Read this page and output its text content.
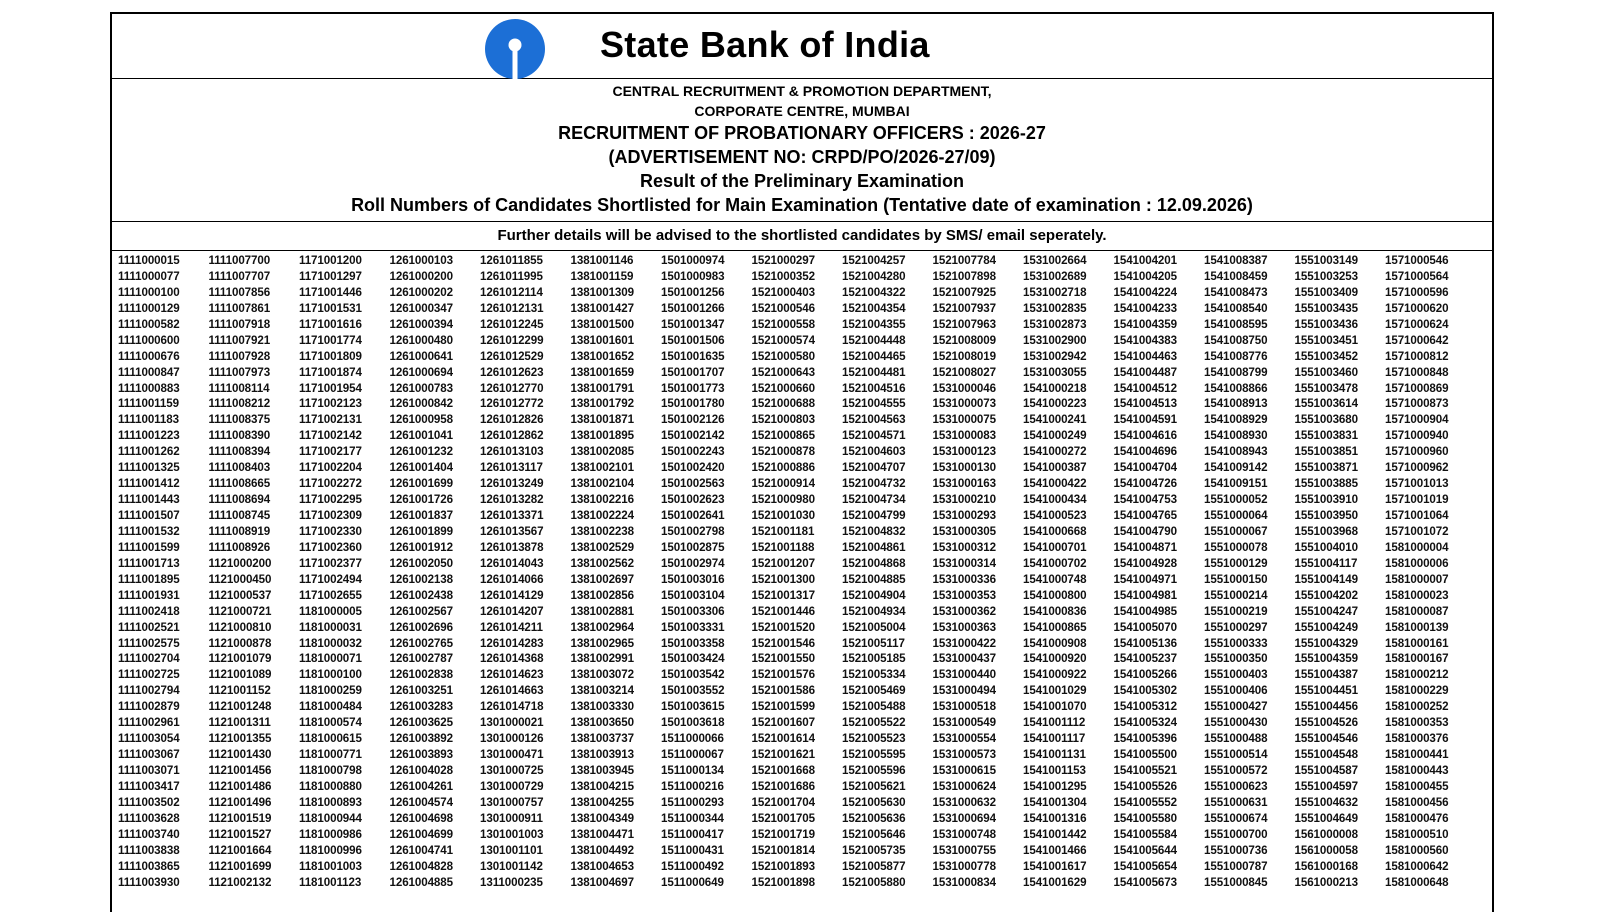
State Bank of India
CENTRAL RECRUITMENT & PROMOTION DEPARTMENT,
CORPORATE CENTRE, MUMBAI
RECRUITMENT OF PROBATIONARY OFFICERS : 2026-27
(ADVERTISEMENT NO: CRPD/PO/2026-27/09)
Result of the Preliminary Examination
Roll Numbers of Candidates Shortlisted for Main Examination (Tentative date of examination : 12.09.2026)
Further details will be advised to the shortlisted candidates by SMS/ email seperately.
1111000015	1111007700	1171001200	1261000103	1261011855	1381001146	1501000974	1521000297	1521004257	1521007784	1531002664	1541004201	1541008387	1551003149	1571000546
1111000077	1111007707	1171001297	1261000200	1261011995	1381001159	1501000983	1521000352	1521004280	1521007898	1531002689	1541004205	1541008459	1551003253	1571000564
1111000100	1111007856	1171001446	1261000202	1261012114	1381001309	1501001256	1521000403	1521004322	1521007925	1531002718	1541004224	1541008473	1551003409	1571000596
1111000129	1111007861	1171001531	1261000347	1261012131	1381001427	1501001266	1521000546	1521004354	1521007937	1531002835	1541004233	1541008540	1551003435	1571000620
1111000582	1111007918	1171001616	1261000394	1261012245	1381001500	1501001347	1521000558	1521004355	1521007963	1531002873	1541004359	1541008595	1551003436	1571000624
1111000600	1111007921	1171001774	1261000480	1261012299	1381001601	1501001506	1521000574	1521004448	1521008009	1531002900	1541004383	1541008750	1551003451	1571000642
1111000676	1111007928	1171001809	1261000641	1261012529	1381001652	1501001635	1521000580	1521004465	1521008019	1531002942	1541004463	1541008776	1551003452	1571000812
1111000847	1111007973	1171001874	1261000694	1261012623	1381001659	1501001707	1521000643	1521004481	1521008027	1531003055	1541004487	1541008799	1551003460	1571000848
1111000883	1111008114	1171001954	1261000783	1261012770	1381001791	1501001773	1521000660	1521004516	1531000046	1541000218	1541004512	1541008866	1551003478	1571000869
1111001159	1111008212	1171002123	1261000842	1261012772	1381001792	1501001780	1521000688	1521004555	1531000073	1541000223	1541004513	1541008913	1551003614	1571000873
1111001183	1111008375	1171002131	1261000958	1261012826	1381001871	1501002126	1521000803	1521004563	1531000075	1541000241	1541004591	1541008929	1551003680	1571000904
1111001223	1111008390	1171002142	1261001041	1261012862	1381001895	1501002142	1521000865	1521004571	1531000083	1541000249	1541004616	1541008930	1551003831	1571000940
1111001262	1111008394	1171002177	1261001232	1261013103	1381002085	1501002243	1521000878	1521004603	1531000123	1541000272	1541004696	1541008943	1551003851	1571000960
1111001325	1111008403	1171002204	1261001404	1261013117	1381002101	1501002420	1521000886	1521004707	1531000130	1541000387	1541004704	1541009142	1551003871	1571000962
1111001412	1111008665	1171002272	1261001699	1261013249	1381002104	1501002563	1521000914	1521004732	1531000163	1541000422	1541004726	1541009151	1551003885	1571001013
1111001443	1111008694	1171002295	1261001726	1261013282	1381002216	1501002623	1521000980	1521004734	1531000210	1541000434	1541004753	1551000052	1551003910	1571001019
1111001507	1111008745	1171002309	1261001837	1261013371	1381002224	1501002641	1521001030	1521004799	1531000293	1541000523	1541004765	1551000064	1551003950	1571001064
1111001532	1111008919	1171002330	1261001899	1261013567	1381002238	1501002798	1521001181	1521004832	1531000305	1541000668	1541004790	1551000067	1551003968	1571001072
1111001599	1111008926	1171002360	1261001912	1261013878	1381002529	1501002875	1521001188	1521004861	1531000312	1541000701	1541004871	1551000078	1551004010	1581000004
1111001713	1121000200	1171002377	1261002050	1261014043	1381002562	1501002974	1521001207	1521004868	1531000314	1541000702	1541004928	1551000129	1551004117	1581000006
1111001895	1121000450	1171002494	1261002138	1261014066	1381002697	1501003016	1521001300	1521004885	1531000336	1541000748	1541004971	1551000150	1551004149	1581000007
1111001931	1121000537	1171002655	1261002438	1261014129	1381002856	1501003104	1521001317	1521004904	1531000353	1541000800	1541004981	1551000214	1551004202	1581000023
1111002418	1121000721	1181000005	1261002567	1261014207	1381002881	1501003306	1521001446	1521004934	1531000362	1541000836	1541004985	1551000219	1551004247	1581000087
1111002521	1121000810	1181000031	1261002696	1261014211	1381002964	1501003331	1521001520	1521005004	1531000363	1541000865	1541005070	1551000297	1551004249	1581000139
1111002575	1121000878	1181000032	1261002765	1261014283	1381002965	1501003358	1521001546	1521005117	1531000422	1541000908	1541005136	1551000333	1551004329	1581000161
1111002704	1121001079	1181000071	1261002787	1261014368	1381002991	1501003424	1521001550	1521005185	1531000437	1541000920	1541005237	1551000350	1551004359	1581000167
1111002725	1121001089	1181000100	1261002838	1261014623	1381003072	1501003542	1521001576	1521005334	1531000440	1541000922	1541005266	1551000403	1551004387	1581000212
1111002794	1121001152	1181000259	1261003251	1261014663	1381003214	1501003552	1521001586	1521005469	1531000494	1541001029	1541005302	1551000406	1551004451	1581000229
1111002879	1121001248	1181000484	1261003283	1261014718	1381003330	1501003615	1521001599	1521005488	1531000518	1541001070	1541005312	1551000427	1551004456	1581000252
1111002961	1121001311	1181000574	1261003625	1301000021	1381003650	1501003618	1521001607	1521005522	1531000549	1541001112	1541005324	1551000430	1551004526	1581000353
1111003054	1121001355	1181000615	1261003892	1301000126	1381003737	1511000066	1521001614	1521005523	1531000554	1541001117	1541005396	1551000488	1551004546	1581000376
1111003067	1121001430	1181000771	1261003893	1301000471	1381003913	1511000067	1521001621	1521005595	1531000573	1541001131	1541005500	1551000514	1551004548	1581000441
1111003071	1121001456	1181000798	1261004028	1301000725	1381003945	1511000134	1521001668	1521005596	1531000615	1541001153	1541005521	1551000572	1551004587	1581000443
1111003417	1121001486	1181000880	1261004261	1301000729	1381004215	1511000216	1521001686	1521005621	1531000624	1541001295	1541005526	1551000623	1551004597	1581000455
1111003502	1121001496	1181000893	1261004574	1301000757	1381004255	1511000293	1521001704	1521005630	1531000632	1541001304	1541005552	1551000631	1551004632	1581000456
1111003628	1121001519	1181000944	1261004698	1301000911	1381004349	1511000344	1521001705	1521005636	1531000694	1541001316	1541005580	1551000674	1551004649	1581000476
1111003740	1121001527	1181000986	1261004699	1301001003	1381004471	1511000417	1521001719	1521005646	1531000748	1541001442	1541005584	1551000700	1561000008	1581000510
1111003838	1121001664	1181000996	1261004741	1301001101	1381004492	1511000431	1521001814	1521005735	1531000755	1541001466	1541005644	1551000736	1561000058	1581000560
1111003865	1121001699	1181001003	1261004828	1301001142	1381004653	1511000492	1521001893	1521005877	1531000778	1541001617	1541005654	1551000787	1561000168	1581000642
1111003930	1121002132	1181001123	1261004885	1311000235	1381004697	1511000649	1521001898	1521005880	1531000834	1541001629	1541005673	1551000845	1561000213	1581000648
